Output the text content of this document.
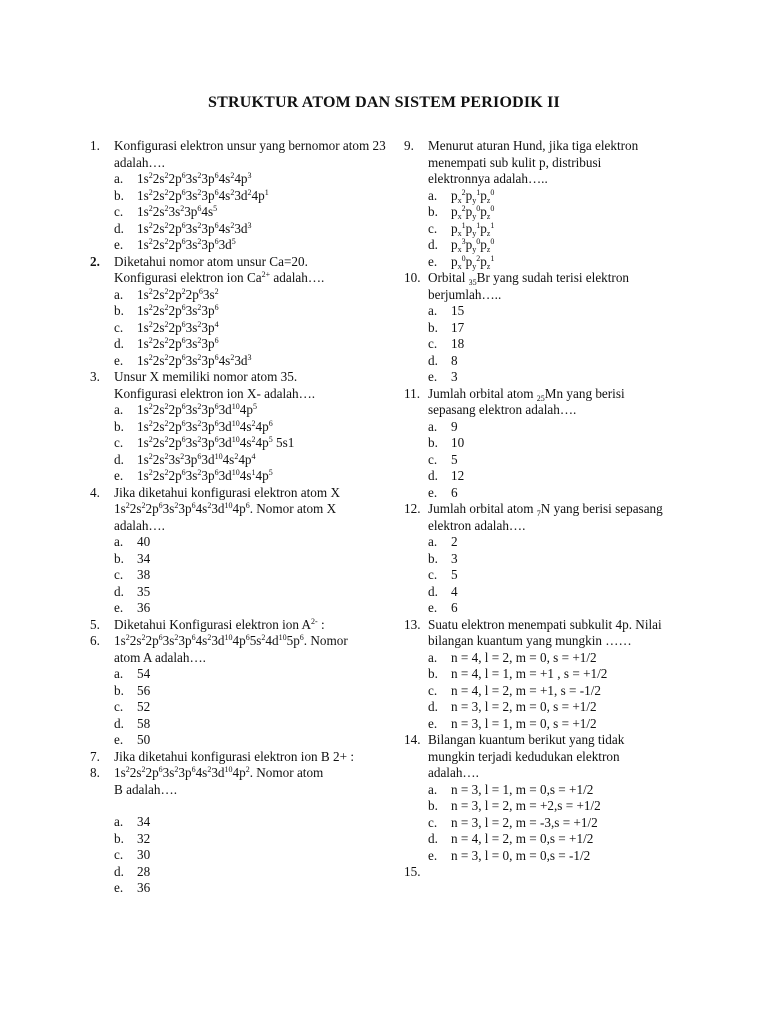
STRUKTUR ATOM DAN SISTEM PERIODIK II
1. Konfigurasi elektron unsur yang bernomor atom 23 adalah….
a. $1s^22s^22p^63s^23p^64s^24p^3$
b. $1s^22s^22p^63s^23p^64s^23d^24p^1$
c. $1s^22s^23s^23p^64s^5$
d. $1s^22s^22p^63s^23p^64s^23d^3$
e. $1s^22s^22p^63s^23p^63d^5$
2. Diketahui nomor atom unsur Ca=20.
Konfigurasi elektron ion $Ca^{2+}$ adalah….
a. $1s^22s^22p^22p^63s^2$
b. $1s^22s^22p^63s^23p^6$
c. $1s^22s^22p^63s^23p^4$
d. $1s^22s^22p^63s^23p^6$
e. $1s^22s^22p^63s^23p^64s^23d^3$
3. Unsur X memiliki nomor atom 35.
Konfigurasi elektron ion X- adalah….
a. $1s^22s^22p^63s^23p^63d^{10}4p^5$
b. $1s^22s^22p^63s^23p^63d^{10}4s^24p^6$
c. $1s^22s^22p^63s^23p^63d^{10}4s^24p^5$ 5s1
d. $1s^22s^23s^23p^63d^{10}4s^24p^4$
e. $1s^22s^22p^63s^23p^63d^{10}4s^14p^5$
4. Jika diketahui konfigurasi elektron atom X
$1s^22s^22p^63s^23p^64s^23d^{10}4p^6$. Nomor atom X
adalah….
a. 40
b. 34
c. 38
d. 35
e. 36
5. Diketahui Konfigurasi elektron ion $A^{2-}$ :
6. $1s^22s^22p^63s^23p^64s^23d^{10}4p^65s^24d^{10}5p^6$. Nomor
atom A adalah….
a. 54
b. 56
c. 52
d. 58
e. 50
7. Jika diketahui konfigurasi elektron ion B 2+ :
8. $1s^22s^22p^63s^23p^64s^23d^{10}4p^2$. Nomor atom
B adalah….
a. 34
b. 32
c. 30
d. 28
e. 36
9. Menurut aturan Hund, jika tiga elektron
menempati sub kulit p, distribusi
elektronnya adalah…..
a. $p_x^2p_y^1p_z^0$
b. $p_x^2p_y^0p_z^0$
c. $p_x^1p_y^1p_z^1$
d. $p_x^3p_y^0p_z^0$
e. $p_x^0p_y^2p_z^1$
10. Orbital $_{35}$Br yang sudah terisi elektron
berjumlah…..
a. 15
b. 17
c. 18
d. 8
e. 3
11. Jumlah orbital atom $_{25}$Mn yang berisi
sepasang elektron adalah….
a. 9
b. 10
c. 5
d. 12
e. 6
12. Jumlah orbital atom $_7$N yang berisi sepasang
elektron adalah….
a. 2
b. 3
c. 5
d. 4
e. 6
13. Suatu elektron menempati subkulit 4p. Nilai
bilangan kuantum yang mungkin ……
a. n = 4, l = 2, m = 0, s = +1/2
b. n = 4, l = 1, m = +1 , s = +1/2
c. n = 4, l = 2, m = +1, s = -1/2
d. n = 3, l = 2, m = 0, s = +1/2
e. n = 3, l = 1, m = 0, s = +1/2
14. Bilangan kuantum berikut yang tidak
mungkin terjadi kedudukan elektron
adalah….
a. n = 3, l = 1, m = 0,s = +1/2
b. n = 3, l = 2, m = +2,s = +1/2
c. n = 3, l = 2, m = -3,s = +1/2
d. n = 4, l = 2, m = 0,s = +1/2
e. n = 3, l = 0, m = 0,s = -1/2
15.
